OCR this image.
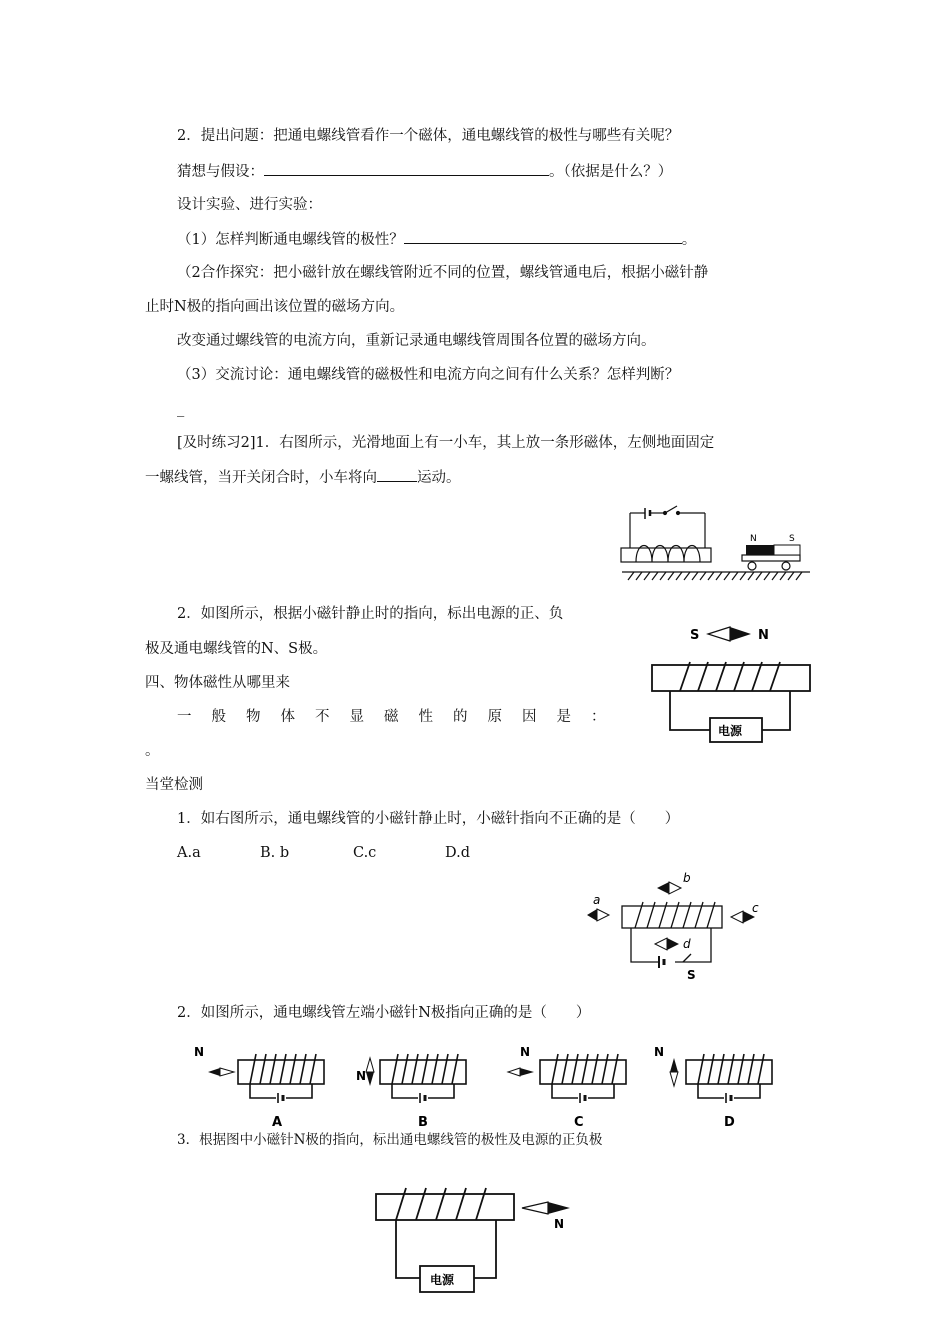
2．提出问题：把通电螺线管看作一个磁体，通电螺线管的极性与哪些有关呢？
猜想与假设：	。（依据是什么？）
设计实验、进行实验：
（1）怎样判断通电螺线管的极性？	。
（2合作探究：把小磁针放在螺线管附近不同的位置，螺线管通电后，根据小磁针静
止时N极的指向画出该位置的磁场方向。
改变通过螺线管的电流方向，重新记录通电螺线管周围各位置的磁场方向。
（3）交流讨论：通电螺线管的磁极性和电流方向之间有什么关系？怎样判断？
_
[及时练习2]1．右图所示，光滑地面上有一小车，其上放一条形磁体，左侧地面固定
一螺线管，当开关闭合时，小车将向	运动。
N	S
2．如图所示，根据小磁针静止时的指向，标出电源的正、负
极及通电螺线管的N、S极。
S	N
电源
四、物体磁性从哪里来
一般物体不显磁性的原因是：
。
当堂检测
1．如右图所示，通电螺线管的小磁针静止时，小磁针指向不正确的是（　　）
A.a	B. b	C.c	D.d
a
b
c
d
S
2．如图所示，通电螺线管左端小磁针N极指向正确的是（　　）
N
A
N
B
N
C
N
D
3．根据图中小磁针N极的指向，标出通电螺线管的极性及电源的正负极
N
电源
